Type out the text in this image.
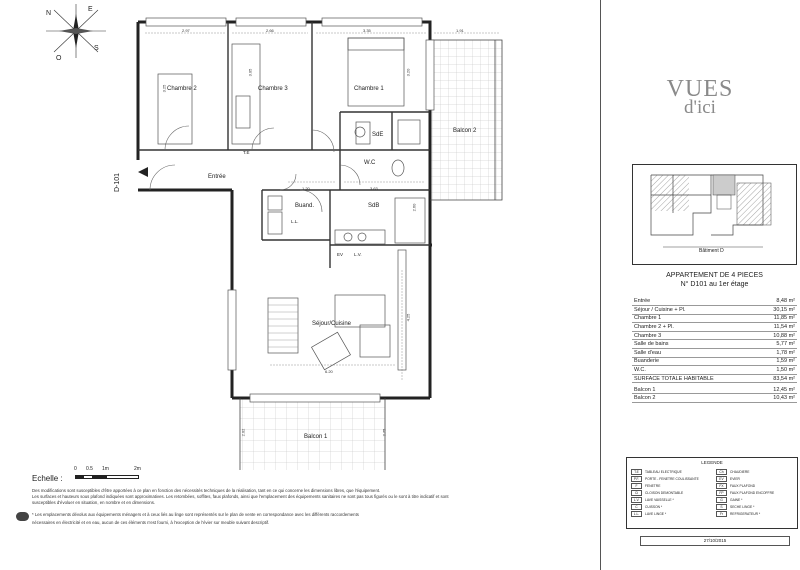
E
S
O
N
Chambre 2	Chambre 3	Chambre 1
SdE
W.C
Entrée
Buand.	SdB
Séjour/Cuisine
Balcon 1
Balcon 2
L.L.
L.V.
EV
T.E
D-101
2.97	2.66	3.35	1.91
3.25
3.05	3.20
1.20	3.63
2.60
6.20
4.25
2.02	2.75
Echelle :
0 0.5 1m	2m
Des modifications sont susceptibles d'être apportées à ce plan en fonction des nécessités techniques de la réalisation, tant en ce qui concerne les dimensions libres, que l'équipement.
Les surfaces et hauteurs sous plafond indiquées sont approximatives. Les retombées, soffites, faux plafonds, ainsi que l'emplacement des équipements sanitaires ne sont pas tous figurés ou le sont à titre indicatif et sont susceptibles d'évoluer en situation, en nombre et en dimensions.
* Les emplacements dévolus aux équipements ménagers et à ceux liés au linge sont représentés sur le plan de vente en correspondance avec les différents raccordements
nécessaires en électricité et en eau, aucun de ces éléments n'est fourni, à l'exception de l'évier sur meuble suivant descriptif.
VUES
d'ici
Bâtiment D
APPARTEMENT DE 4 PIECES
N° D101 au 1er étage
Entrée	8,48 m²
Séjour / Cuisine + Pl.	30,15 m²
Chambre 1	11,85 m²
Chambre 2 + Pl.	11,54 m²
Chambre 3	10,88 m²
Salle de bains	5,77 m²
Salle d'eau	1,78 m²
Buanderie	1,59 m²
W.C.	1,50 m²
SURFACE TOTALE HABITABLE	83,54 m²
Balcon 1	12,45 m²
Balcon 2	10,43 m²
LEGENDE
T.E	TABLEAU ELECTRIQUE	Ch	CHAUDIERE
P.F.	PORTE - FENETRE COULISSANTE	EV	EVIER
F	FENETRE	FX	FAUX PLAFOND
Ci	CLOISON DEMONTABLE	FP	FAUX PLAFOND ENCOFFRE
L.V.	LAVE VAISSELLE *	G	GAINE *
C	CUISSON *	S	SECHE LINGE *
L.L.	LAVE LINGE *	Fr	REFRIGERATEUR *
27/10/2015
